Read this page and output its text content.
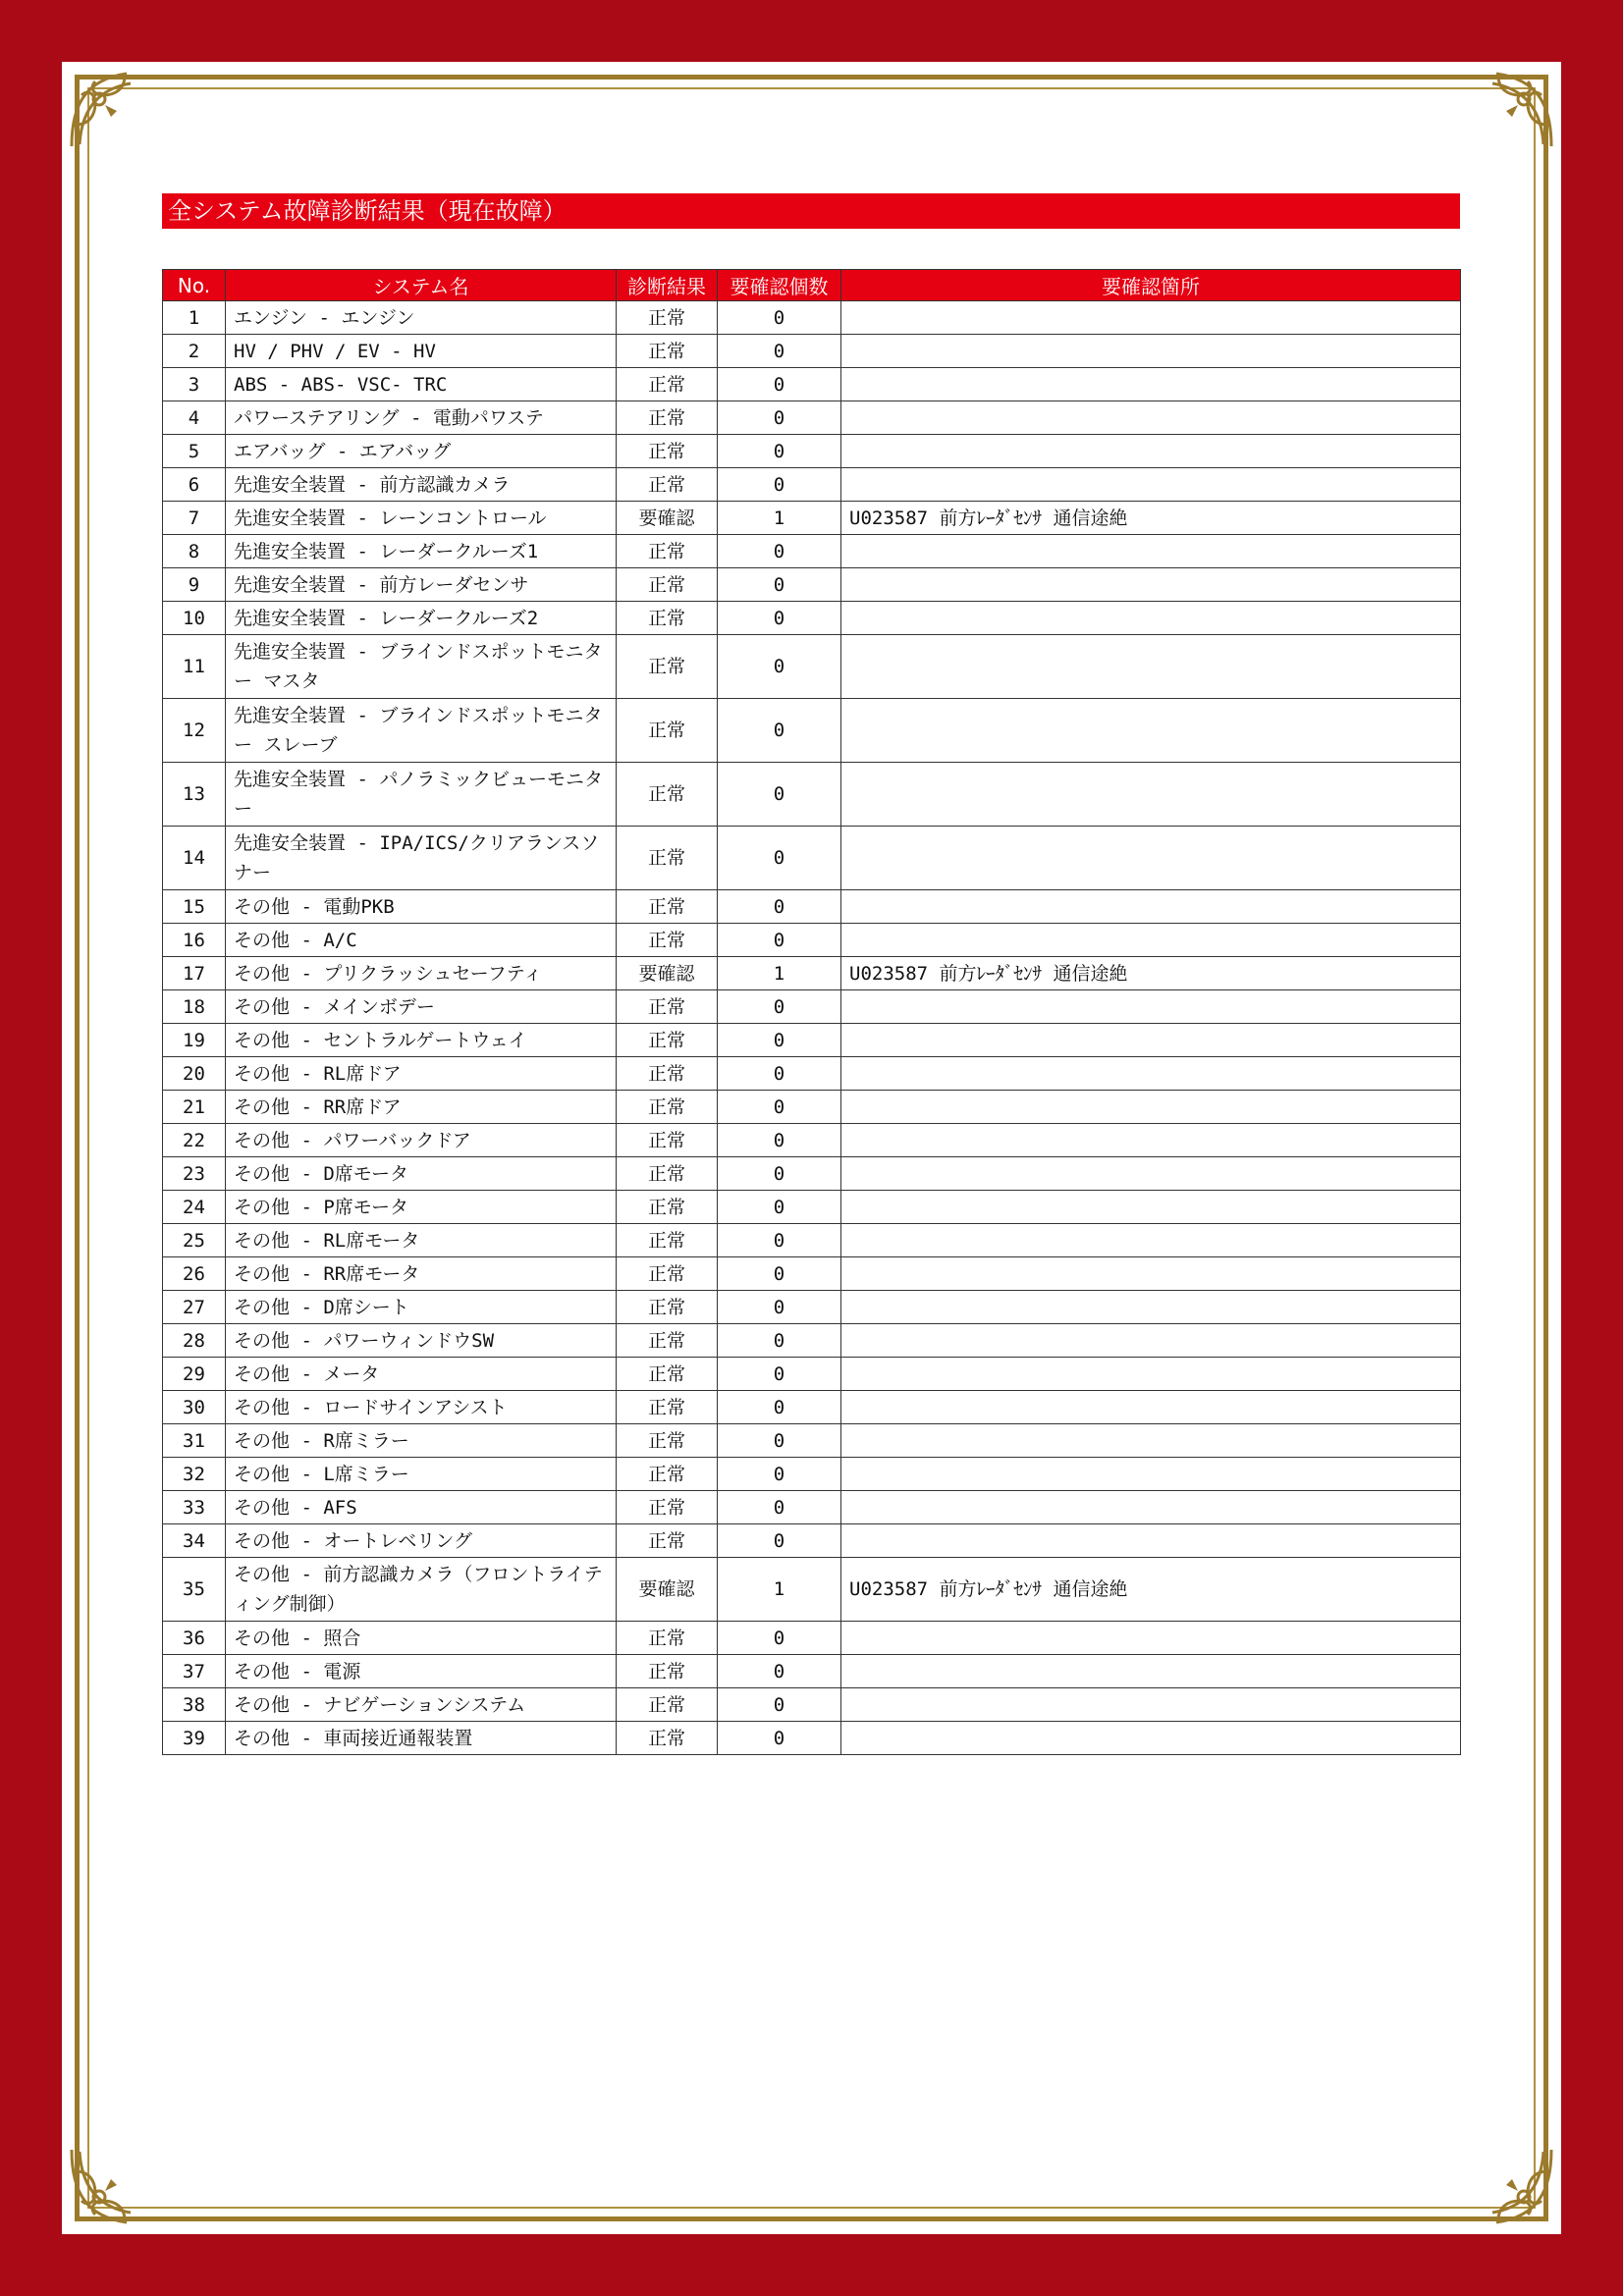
全システム故障診断結果（現在故障）
No.	システム名	診断結果	要確認個数	要確認箇所
1	エンジン - エンジン	正常	0	
2	HV / PHV / EV - HV	正常	0	
3	ABS - ABS- VSC- TRC	正常	0	
4	パワーステアリング - 電動パワステ	正常	0	
5	エアバッグ - エアバッグ	正常	0	
6	先進安全装置 - 前方認識カメラ	正常	0	
7	先進安全装置 - レーンコントロール	要確認	1	U023587 前方ﾚｰﾀﾞｾﾝｻ 通信途絶
8	先進安全装置 - レーダークルーズ1	正常	0	
9	先進安全装置 - 前方レーダセンサ	正常	0	
10	先進安全装置 - レーダークルーズ2	正常	0	
11	先進安全装置 - ブラインドスポットモニター マスタ	正常	0	
12	先進安全装置 - ブラインドスポットモニター スレーブ	正常	0	
13	先進安全装置 - パノラミックビューモニター	正常	0	
14	先進安全装置 - IPA/ICS/クリアランスソナー	正常	0	
15	その他 - 電動PKB	正常	0	
16	その他 - A/C	正常	0	
17	その他 - プリクラッシュセーフティ	要確認	1	U023587 前方ﾚｰﾀﾞｾﾝｻ 通信途絶
18	その他 - メインボデー	正常	0	
19	その他 - セントラルゲートウェイ	正常	0	
20	その他 - RL席ドア	正常	0	
21	その他 - RR席ドア	正常	0	
22	その他 - パワーバックドア	正常	0	
23	その他 - D席モータ	正常	0	
24	その他 - P席モータ	正常	0	
25	その他 - RL席モータ	正常	0	
26	その他 - RR席モータ	正常	0	
27	その他 - D席シート	正常	0	
28	その他 - パワーウィンドウSW	正常	0	
29	その他 - メータ	正常	0	
30	その他 - ロードサインアシスト	正常	0	
31	その他 - R席ミラー	正常	0	
32	その他 - L席ミラー	正常	0	
33	その他 - AFS	正常	0	
34	その他 - オートレベリング	正常	0	
35	その他 - 前方認識カメラ（フロントライティング制御）	要確認	1	U023587 前方ﾚｰﾀﾞｾﾝｻ 通信途絶
36	その他 - 照合	正常	0	
37	その他 - 電源	正常	0	
38	その他 - ナビゲーションシステム	正常	0	
39	その他 - 車両接近通報装置	正常	0	
